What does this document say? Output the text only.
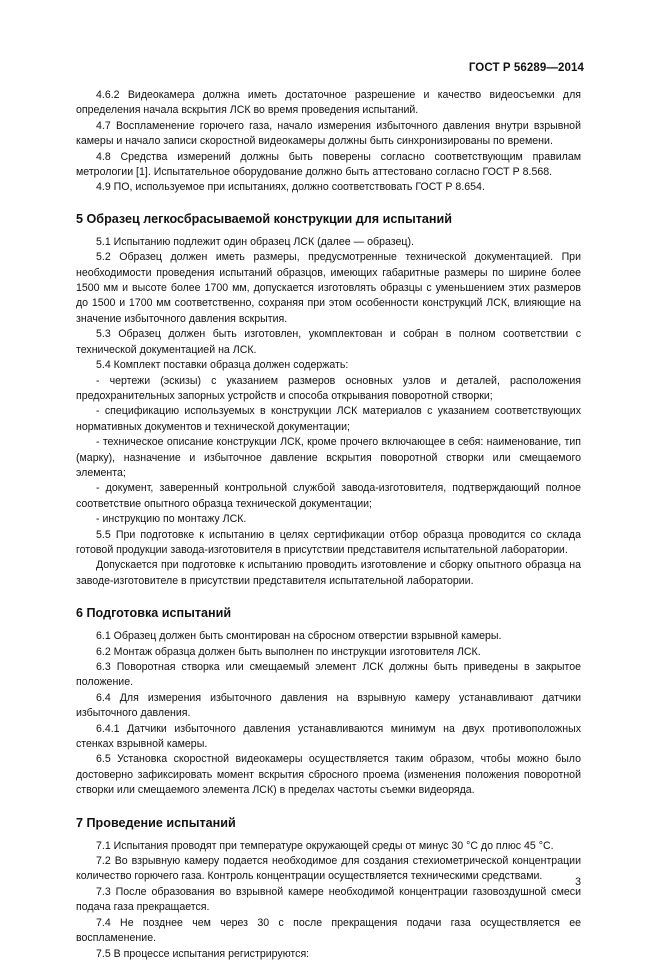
ГОСТ Р 56289—2014

4.6.2 Видеокамера должна иметь достаточное разрешение и качество видеосъемки для определения начала вскрытия ЛСК во время проведения испытаний.

4.7 Воспламенение горючего газа, начало измерения избыточного давления внутри взрывной камеры и начало записи скоростной видеокамеры должны быть синхронизированы по времени.

4.8 Средства измерений должны быть поверены согласно соответствующим правилам метрологии [1]. Испытательное оборудование должно быть аттестовано согласно ГОСТ Р 8.568.

4.9 ПО, используемое при испытаниях, должно соответствовать ГОСТ Р 8.654.

5 Образец легкосбрасываемой конструкции для испытаний

5.1 Испытанию подлежит один образец ЛСК (далее — образец).

5.2 Образец должен иметь размеры, предусмотренные технической документацией. При необходимости проведения испытаний образцов, имеющих габаритные размеры по ширине более 1500 мм и высоте более 1700 мм, допускается изготовлять образцы с уменьшением этих размеров до 1500 и 1700 мм соответственно, сохраняя при этом особенности конструкций ЛСК, влияющие на значение избыточного давления вскрытия.

5.3 Образец должен быть изготовлен, укомплектован и собран в полном соответствии с технической документацией на ЛСК.

5.4 Комплект поставки образца должен содержать:

- чертежи (эскизы) с указанием размеров основных узлов и деталей, расположения предохранительных запорных устройств и способа открывания поворотной створки;

- спецификацию используемых в конструкции ЛСК материалов с указанием соответствующих нормативных документов и технической документации;

- техническое описание конструкции ЛСК, кроме прочего включающее в себя: наименование, тип (марку), назначение и избыточное давление вскрытия поворотной створки или смещаемого элемента;

- документ, заверенный контрольной службой завода-изготовителя, подтверждающий полное соответствие опытного образца технической документации;

- инструкцию по монтажу ЛСК.

5.5 При подготовке к испытанию в целях сертификации отбор образца проводится со склада готовой продукции завода-изготовителя в присутствии представителя испытательной лаборатории.

Допускается при подготовке к испытанию проводить изготовление и сборку опытного образца на заводе-изготовителе в присутствии представителя испытательной лаборатории.

6 Подготовка испытаний

6.1 Образец должен быть смонтирован на сбросном отверстии взрывной камеры.

6.2 Монтаж образца должен быть выполнен по инструкции изготовителя ЛСК.

6.3 Поворотная створка или смещаемый элемент ЛСК должны быть приведены в закрытое положение.

6.4 Для измерения избыточного давления на взрывную камеру устанавливают датчики избыточного давления.

6.4.1 Датчики избыточного давления устанавливаются минимум на двух противоположных стенках взрывной камеры.

6.5 Установка скоростной видеокамеры осуществляется таким образом, чтобы можно было достоверно зафиксировать момент вскрытия сбросного проема (изменения положения поворотной створки или смещаемого элемента ЛСК) в пределах частоты съемки видеоряда.

7 Проведение испытаний

7.1 Испытания проводят при температуре окружающей среды от минус 30 °С до плюс 45 °С.

7.2 Во взрывную камеру подается необходимое для создания стехиометрической концентрации количество горючего газа. Контроль концентрации осуществляется техническими средствами.

7.3 После образования во взрывной камере необходимой концентрации газовоздушной смеси подача газа прекращается.

7.4 Не позднее чем через 30 с после прекращения подачи газа осуществляется ее воспламенение.

7.5 В процессе испытания регистрируются:

3
